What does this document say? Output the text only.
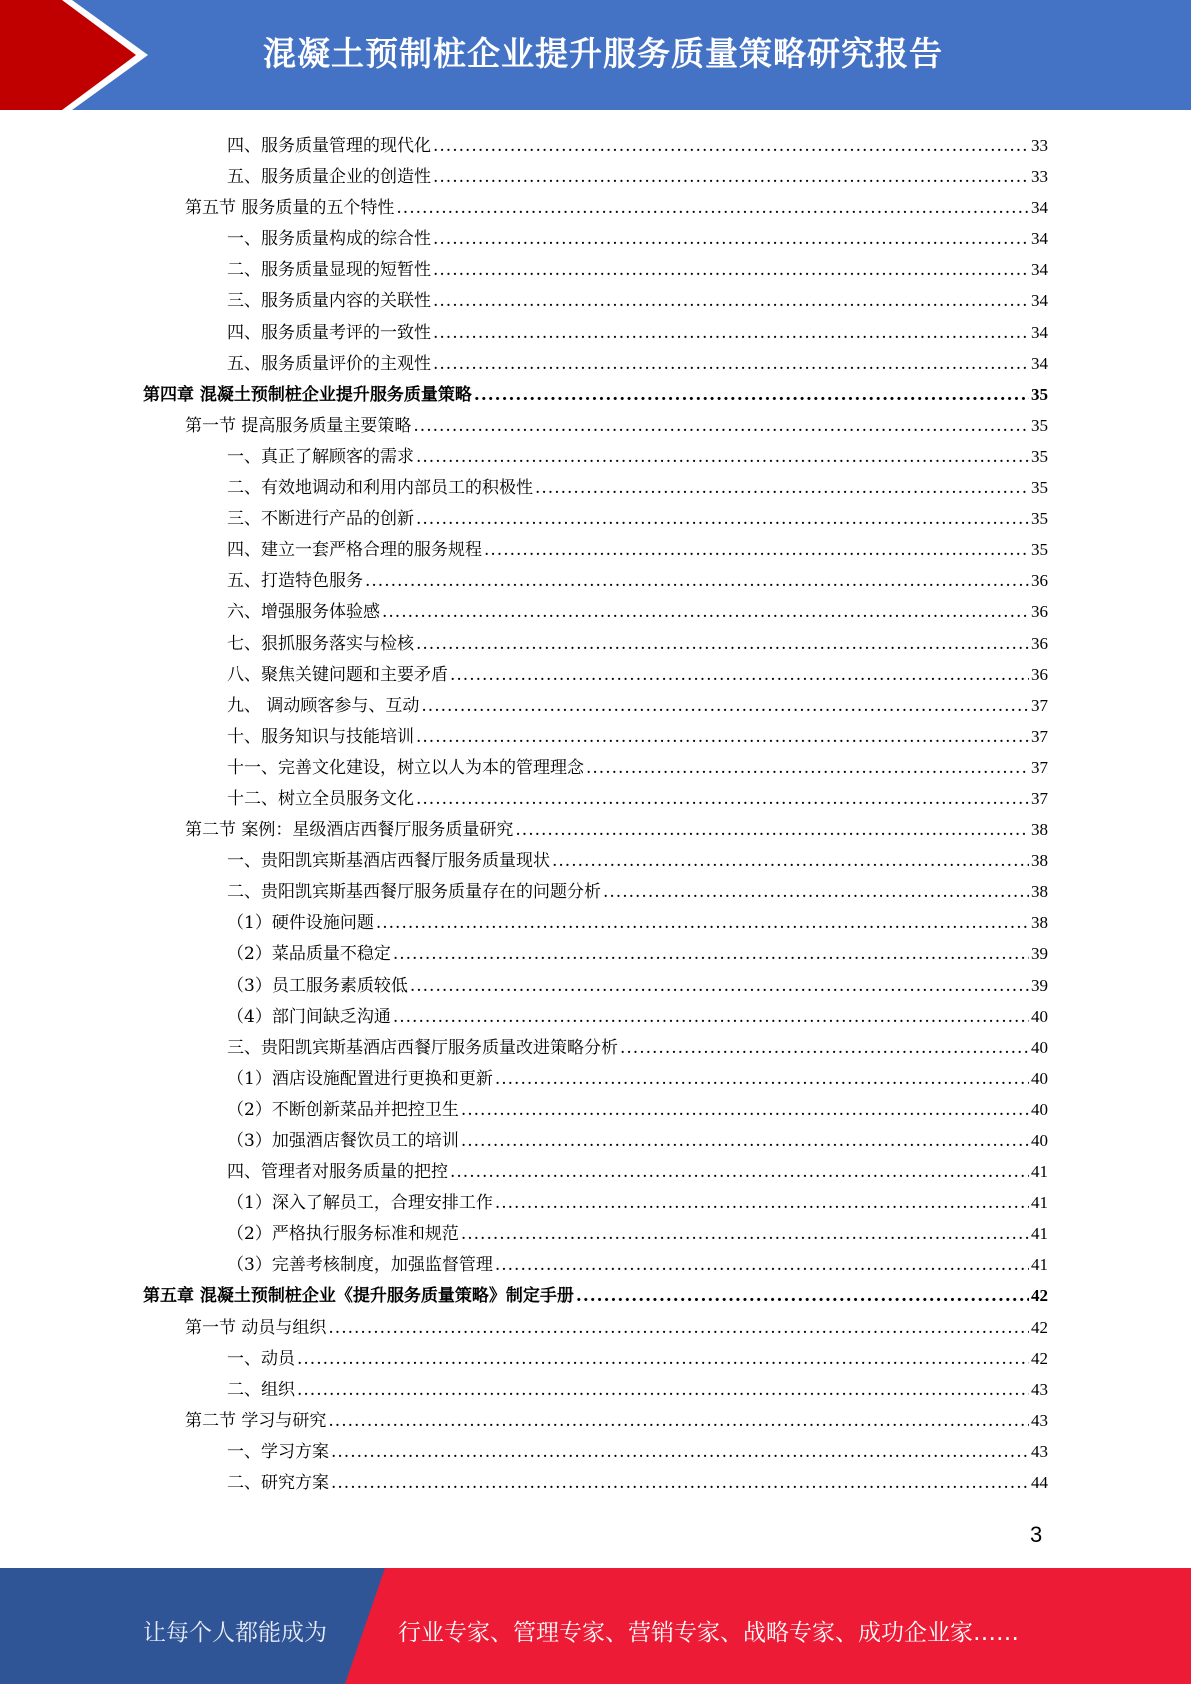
混凝土预制桩企业提升服务质量策略研究报告
四、服务质量管理的现代化 .....	33
五、服务质量企业的创造性 .....	33
第五节 服务质量的五个特性 .....	34
一、服务质量构成的综合性 .....	34
二、服务质量显现的短暂性 .....	34
三、服务质量内容的关联性 .....	34
四、服务质量考评的一致性 .....	34
五、服务质量评价的主观性 .....	34
第四章 混凝土预制桩企业提升服务质量策略 .....	35
第一节 提高服务质量主要策略 .....	35
一、真正了解顾客的需求 .....	35
二、有效地调动和利用内部员工的积极性 .....	35
三、不断进行产品的创新 .....	35
四、建立一套严格合理的服务规程 .....	35
五、打造特色服务 .....	36
六、增强服务体验感 .....	36
七、狠抓服务落实与检核 .....	36
八、聚焦关键问题和主要矛盾 .....	36
九、 调动顾客参与、互动 .....	37
十、服务知识与技能培训 .....	37
十一、完善文化建设，树立以人为本的管理理念 .....	37
十二、树立全员服务文化 .....	37
第二节 案例：星级酒店西餐厅服务质量研究 .....	38
一、贵阳凯宾斯基酒店西餐厅服务质量现状 .....	38
二、贵阳凯宾斯基西餐厅服务质量存在的问题分析 .....	38
（1）硬件设施问题 .....	38
（2）菜品质量不稳定 .....	39
（3）员工服务素质较低 .....	39
（4）部门间缺乏沟通 .....	40
三、贵阳凯宾斯基酒店西餐厅服务质量改进策略分析 .....	40
（1）酒店设施配置进行更换和更新 .....	40
（2）不断创新菜品并把控卫生 .....	40
（3）加强酒店餐饮员工的培训 .....	40
四、管理者对服务质量的把控 .....	41
（1）深入了解员工，合理安排工作 .....	41
（2）严格执行服务标准和规范 .....	41
（3）完善考核制度，加强监督管理 .....	41
第五章 混凝土预制桩企业《提升服务质量策略》制定手册 .....	42
第一节 动员与组织 .....	42
一、动员 .....	42
二、组织 .....	43
第二节 学习与研究 .....	43
一、学习方案 .....	43
二、研究方案 .....	44
3
让每个人都能成为	行业专家、管理专家、营销专家、战略专家、成功企业家……
